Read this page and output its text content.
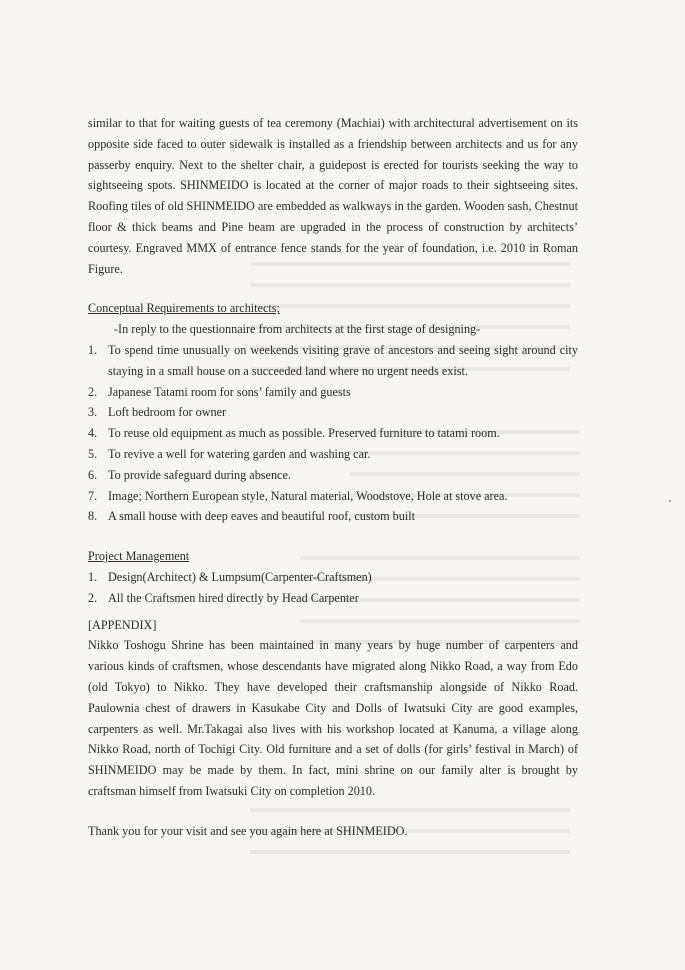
similar to that for waiting guests of tea ceremony (Machiai) with architectural advertisement on its opposite side faced to outer sidewalk is installed as a friendship between architects and us for any passerby enquiry. Next to the shelter chair, a guidepost is erected for tourists seeking the way to sightseeing spots. SHINMEIDO is located at the corner of major roads to their sightseeing sites. Roofing tiles of old SHINMEIDO are embedded as walkways in the garden. Wooden sash, Chestnut floor & thick beams and Pine beam are upgraded in the process of construction by architects’ courtesy. Engraved MMX of entrance fence stands for the year of foundation, i.e. 2010 in Roman Figure.

Conceptual Requirements to architects;

-In reply to the questionnaire from architects at the first stage of designing-

1. To spend time unusually on weekends visiting grave of ancestors and seeing sight around city staying in a small house on a succeeded land where no urgent needs exist.
2. Japanese Tatami room for sons’ family and guests
3. Loft bedroom for owner
4. To reuse old equipment as much as possible. Preserved furniture to tatami room.
5. To revive a well for watering garden and washing car.
6. To provide safeguard during absence.
7. Image; Northern European style, Natural material, Woodstove, Hole at stove area.
8. A small house with deep eaves and beautiful roof, custom built

Project Management

1. Design(Architect) & Lumpsum(Carpenter-Craftsmen)
2. All the Craftsmen hired directly by Head Carpenter

[APPENDIX]

Nikko Toshogu Shrine has been maintained in many years by huge number of carpenters and various kinds of craftsmen, whose descendants have migrated along Nikko Road, a way from Edo (old Tokyo) to Nikko. They have developed their craftsmanship alongside of Nikko Road. Paulownia chest of drawers in Kasukabe City and Dolls of Iwatsuki City are good examples, carpenters as well. Mr.Takagai also lives with his workshop located at Kanuma, a village along Nikko Road, north of Tochigi City. Old furniture and a set of dolls (for girls’ festival in March) of SHINMEIDO may be made by them. In fact, mini shrine on our family alter is brought by craftsman himself from Iwatsuki City on completion 2010.

Thank you for your visit and see you again here at SHINMEIDO.
